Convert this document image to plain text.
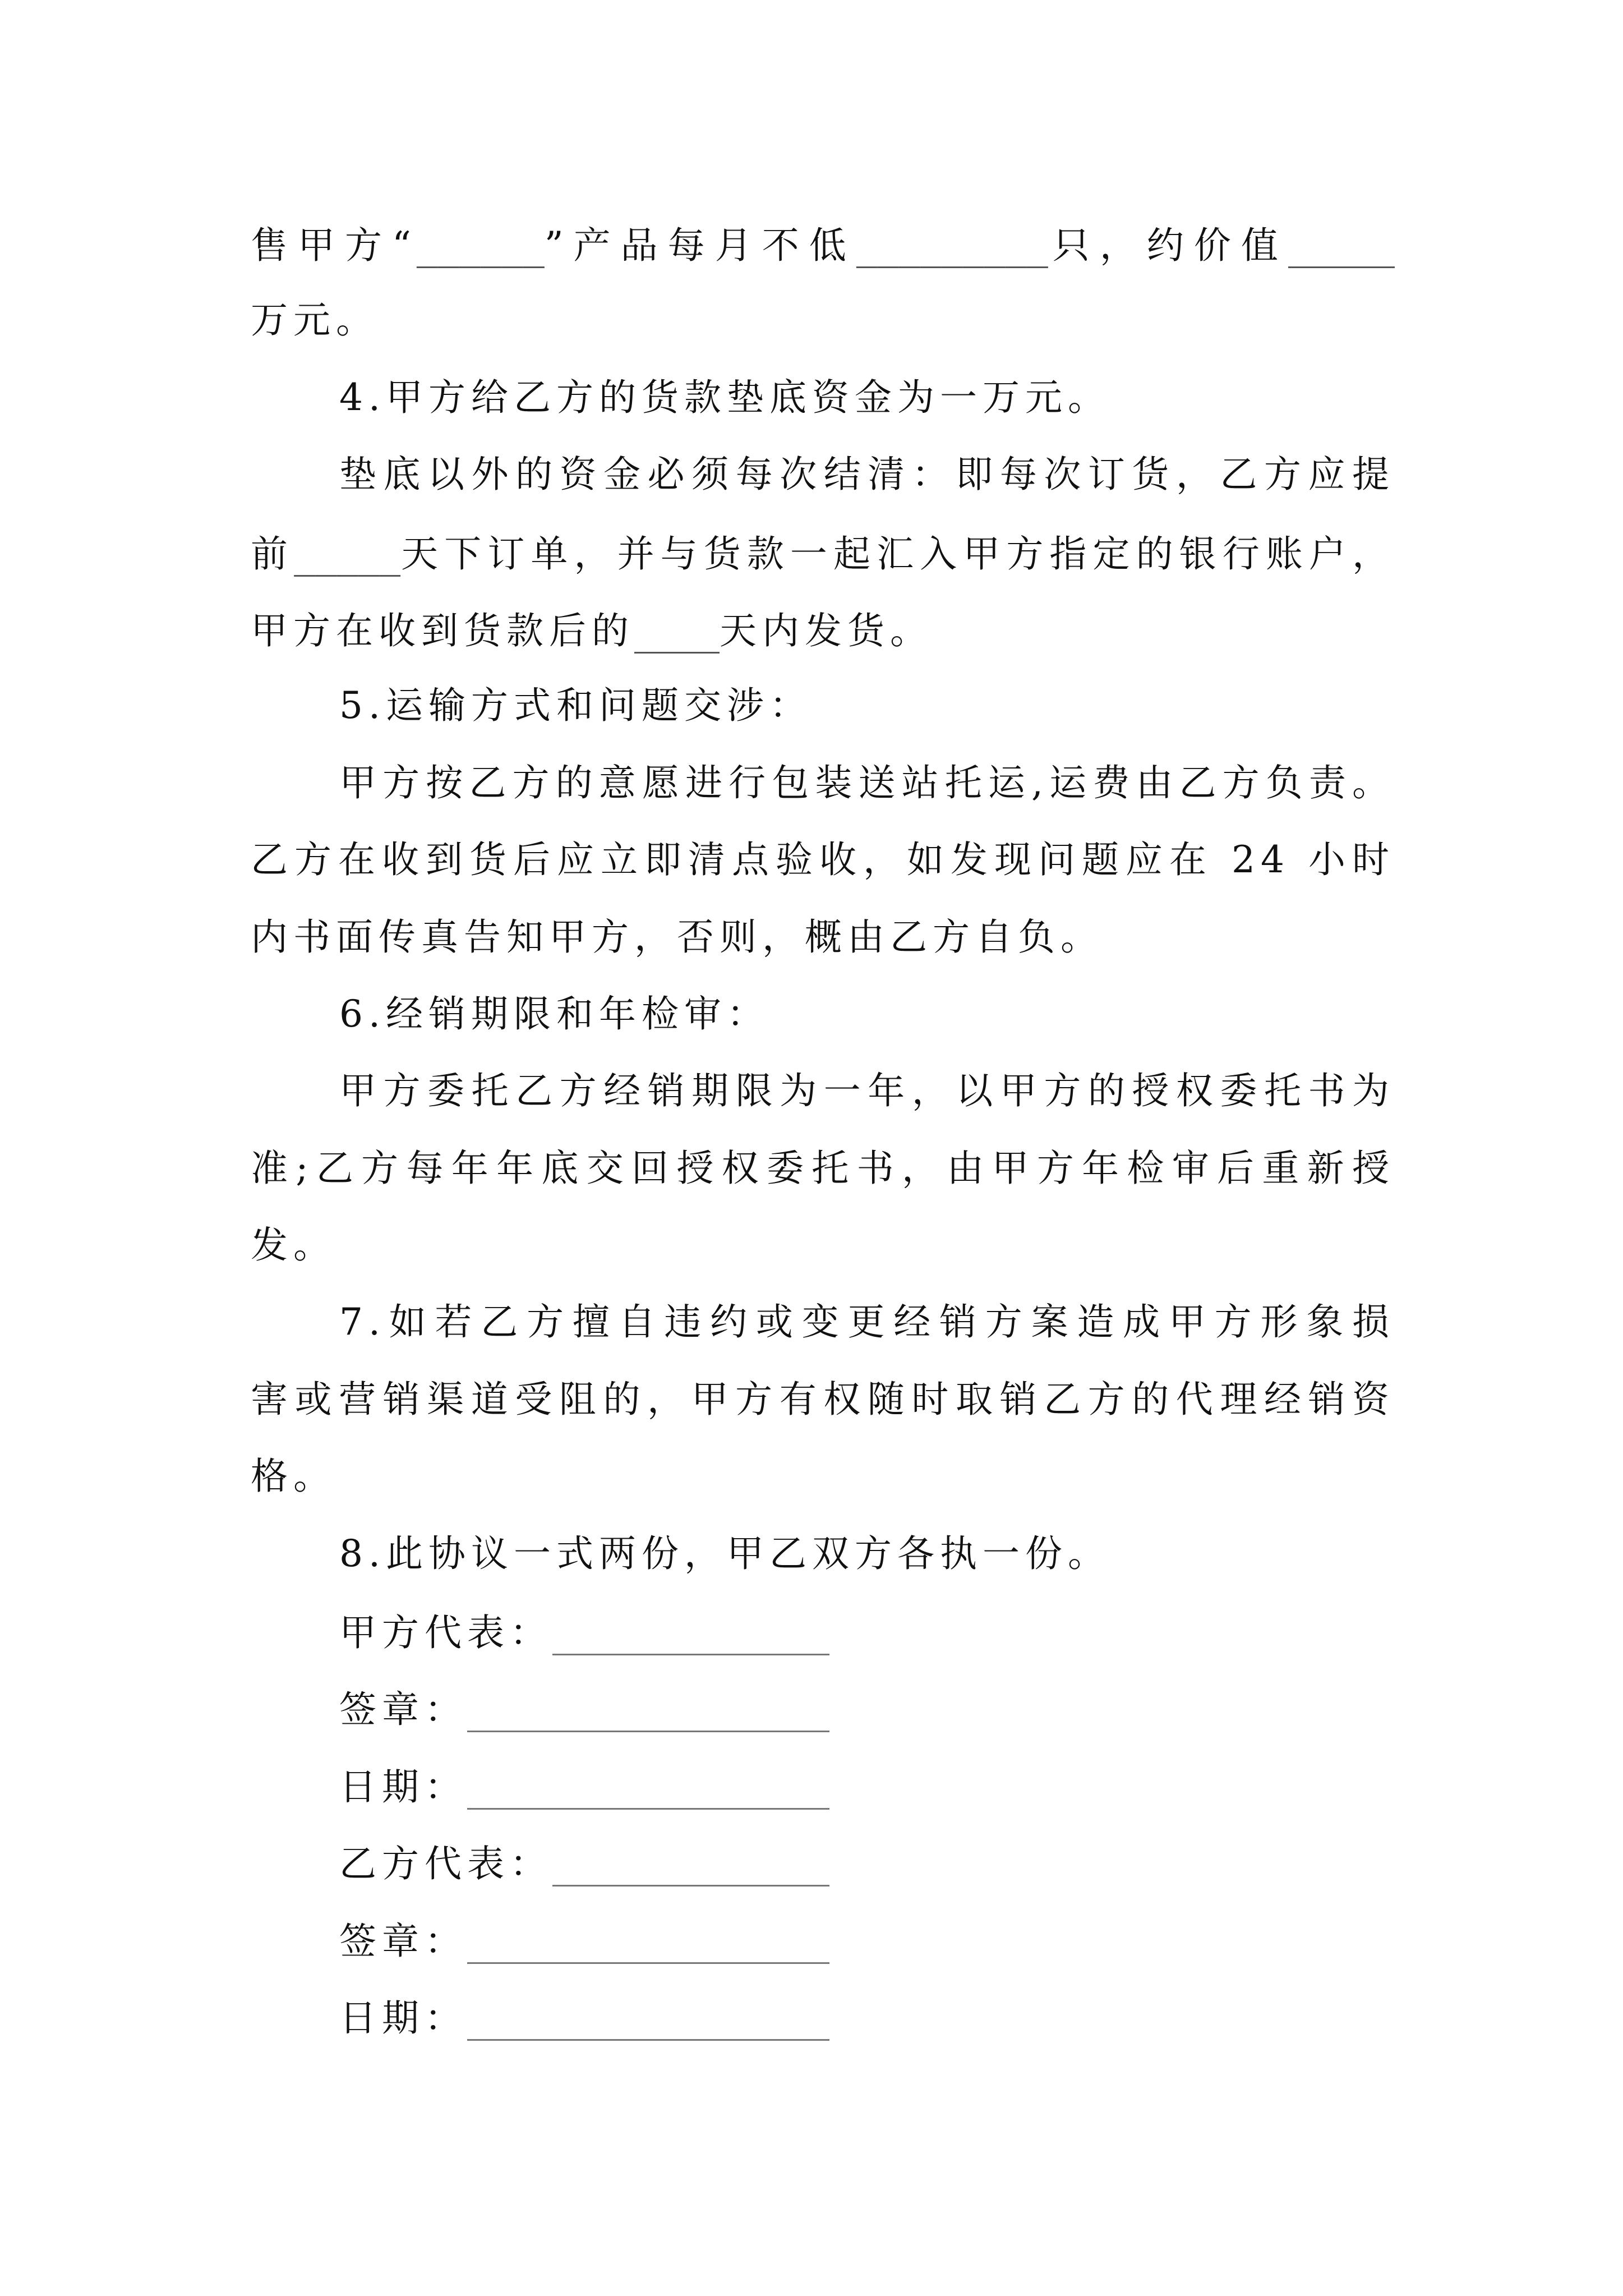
售甲方“______”产品每月不低_________只，约价值_____
万元。
4.甲方给乙方的货款垫底资金为一万元。
垫底以外的资金必须每次结清：即每次订货，乙方应提
前_____天下订单，并与货款一起汇入甲方指定的银行账户，
甲方在收到货款后的____天内发货。
5.运输方式和问题交涉：
甲方按乙方的意愿进行包装送站托运,运费由乙方负责。
乙方在收到货后应立即清点验收，如发现问题应在 24 小时
内书面传真告知甲方，否则，概由乙方自负。
6.经销期限和年检审：
甲方委托乙方经销期限为一年，以甲方的授权委托书为
准;乙方每年年底交回授权委托书，由甲方年检审后重新授
发。
7.如若乙方擅自违约或变更经销方案造成甲方形象损
害或营销渠道受阻的，甲方有权随时取销乙方的代理经销资
格。
8.此协议一式两份，甲乙双方各执一份。
甲方代表：_____________
签章：_________________
日期：_________________
乙方代表：_____________
签章：_________________
日期：_________________
